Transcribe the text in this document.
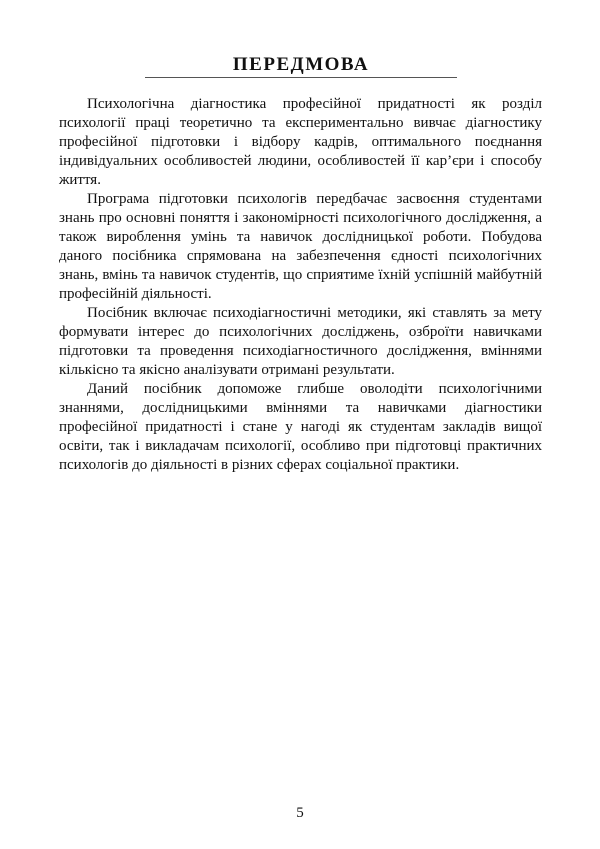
ПЕРЕДМОВА

Психологічна діагностика професійної придатності як розділ психології праці теоретично та експериментально вивчає діагностику професійної підготовки і відбору кадрів, оптимального поєднання індивідуальних особливостей людини, особливостей її кар’єри і способу життя.

Програма підготовки психологів передбачає засвоєння студентами знань про основні поняття і закономірності психологічного дослідження, а також вироблення умінь та навичок дослідницької роботи. Побудова даного посібника спрямована на забезпечення єдності психологічних знань, вмінь та навичок студентів, що сприятиме їхній успішній майбутній професійній діяльності.

Посібник включає психодіагностичні методики, які ставлять за мету формувати інтерес до психологічних досліджень, озброїти навичками підготовки та проведення психодіагностичного дослідження, вміннями кількісно та якісно аналізувати отримані результати.

Даний посібник допоможе глибше оволодіти психологічними знаннями, дослідницькими вміннями та навичками діагностики професійної придатності і стане у нагоді як студентам закладів вищої освіти, так і викладачам психології, особливо при підготовці практичних психологів до діяльності в різних сферах соціальної практики.

5
